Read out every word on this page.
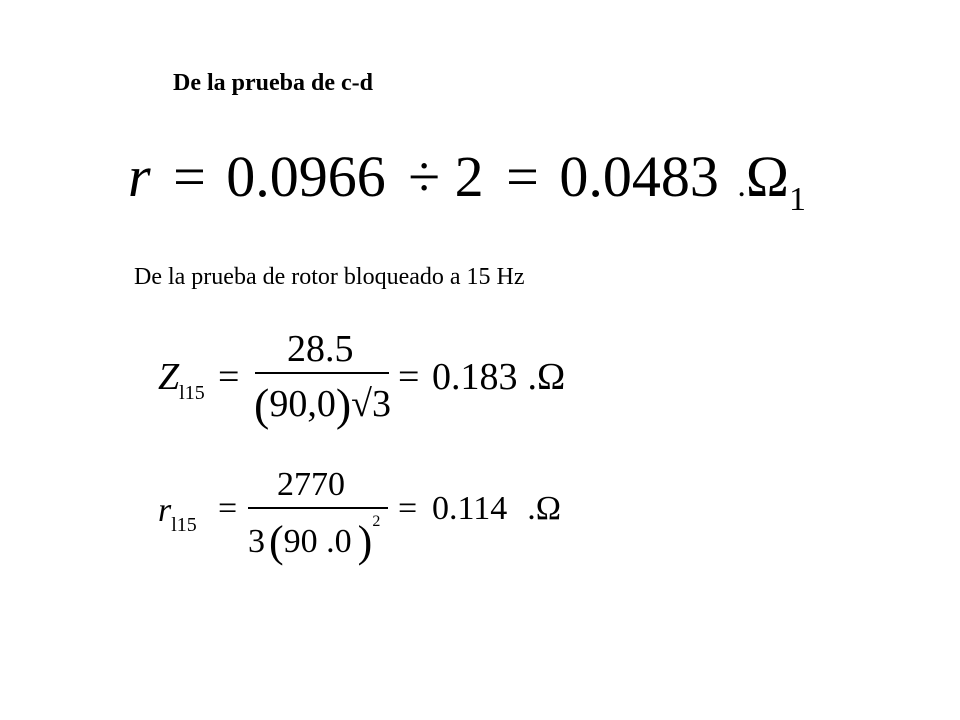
De la prueba de c-d
r = 0.0966 ÷ 2 = 0.0483 $.\Omega_1$
De la prueba de rotor bloqueado a 15 Hz
$Z_{l15}$ =
28.5
(90,0)√3
= 0.183 .Ω
$r_{l15}$ =
2770
3(90 .0 )$^2$ = 0.114 .Ω
